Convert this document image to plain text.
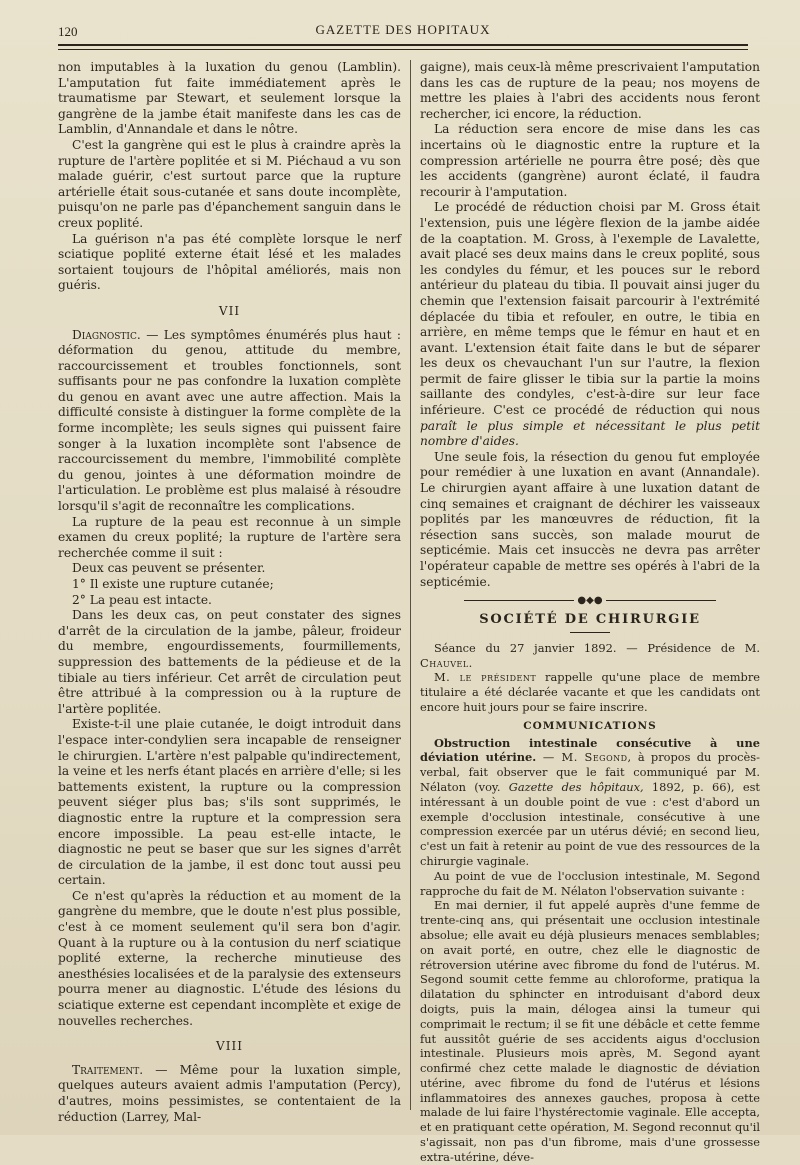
120	GAZETTE DES HOPITAUX

non imputables à la luxation du genou (Lamblin). L'amputation fut faite immédiatement après le traumatisme par Stewart, et seulement lorsque la gangrène de la jambe était manifeste dans les cas de Lamblin, d'Annandale et dans le nôtre.

C'est la gangrène qui est le plus à craindre après la rupture de l'artère poplitée et si M. Piéchaud a vu son malade guérir, c'est surtout parce que la rupture artérielle était sous-cutanée et sans doute incomplète, puisqu'on ne parle pas d'épanchement sanguin dans le creux poplité.

La guérison n'a pas été complète lorsque le nerf sciatique poplité externe était lésé et les malades sortaient toujours de l'hôpital améliorés, mais non guéris.

VII

Diagnostic. — Les symptômes énumérés plus haut : déformation du genou, attitude du membre, raccourcissement et troubles fonctionnels, sont suffisants pour ne pas confondre la luxation complète du genou en avant avec une autre affection. Mais la difficulté consiste à distinguer la forme complète de la forme incomplète; les seuls signes qui puissent faire songer à la luxation incomplète sont l'absence de raccourcissement du membre, l'immobilité complète du genou, jointes à une déformation moindre de l'articulation. Le problème est plus malaisé à résoudre lorsqu'il s'agit de reconnaître les complications.

La rupture de la peau est reconnue à un simple examen du creux poplité; la rupture de l'artère sera recherchée comme il suit :

Deux cas peuvent se présenter.

1° Il existe une rupture cutanée;

2° La peau est intacte.

Dans les deux cas, on peut constater des signes d'arrêt de la circulation de la jambe, pâleur, froideur du membre, engourdissements, fourmillements, suppression des battements de la pédieuse et de la tibiale au tiers inférieur. Cet arrêt de circulation peut être attribué à la compression ou à la rupture de l'artère poplitée.

Existe-t-il une plaie cutanée, le doigt introduit dans l'espace inter-condylien sera incapable de renseigner le chirurgien. L'artère n'est palpable qu'indirectement, la veine et les nerfs étant placés en arrière d'elle; si les battements existent, la rupture ou la compression peuvent siéger plus bas; s'ils sont supprimés, le diagnostic entre la rupture et la compression sera encore impossible. La peau est-elle intacte, le diagnostic ne peut se baser que sur les signes d'arrêt de circulation de la jambe, il est donc tout aussi peu certain.

Ce n'est qu'après la réduction et au moment de la gangrène du membre, que le doute n'est plus possible, c'est à ce moment seulement qu'il sera bon d'agir. Quant à la rupture ou à la contusion du nerf sciatique poplité externe, la recherche minutieuse des anesthésies localisées et de la paralysie des extenseurs pourra mener au diagnostic. L'étude des lésions du sciatique externe est cependant incomplète et exige de nouvelles recherches.

VIII

Traitement. — Même pour la luxation simple, quelques auteurs avaient admis l'amputation (Percy), d'autres, moins pessimistes, se contentaient de la réduction (Larrey, Mal-

gaigne), mais ceux-là même prescrivaient l'amputation dans les cas de rupture de la peau; nos moyens de mettre les plaies à l'abri des accidents nous feront rechercher, ici encore, la réduction.

La réduction sera encore de mise dans les cas incertains où le diagnostic entre la rupture et la compression artérielle ne pourra être posé; dès que les accidents (gangrène) auront éclaté, il faudra recourir à l'amputation.

Le procédé de réduction choisi par M. Gross était l'extension, puis une légère flexion de la jambe aidée de la coaptation. M. Gross, à l'exemple de Lavalette, avait placé ses deux mains dans le creux poplité, sous les condyles du fémur, et les pouces sur le rebord antérieur du plateau du tibia. Il pouvait ainsi juger du chemin que l'extension faisait parcourir à l'extrémité déplacée du tibia et refouler, en outre, le tibia en arrière, en même temps que le fémur en haut et en avant. L'extension était faite dans le but de séparer les deux os chevauchant l'un sur l'autre, la flexion permit de faire glisser le tibia sur la partie la moins saillante des condyles, c'est-à-dire sur leur face inférieure. C'est ce procédé de réduction qui nous paraît le plus simple et nécessitant le plus petit nombre d'aides.

Une seule fois, la résection du genou fut employée pour remédier à une luxation en avant (Annandale). Le chirurgien ayant affaire à une luxation datant de cinq semaines et craignant de déchirer les vaisseaux poplités par les manœuvres de réduction, fit la résection sans succès, son malade mourut de septicémie. Mais cet insuccès ne devra pas arrêter l'opérateur capable de mettre ses opérés à l'abri de la septicémie.

●◆●
SOCIÉTÉ DE CHIRURGIE

Séance du 27 janvier 1892. — Présidence de M. Chauvel.

M. le président rappelle qu'une place de membre titulaire a été déclarée vacante et que les candidats ont encore huit jours pour se faire inscrire.

COMMUNICATIONS

Obstruction intestinale consécutive à une déviation utérine. — M. Segond, à propos du procès-verbal, fait observer que le fait communiqué par M. Nélaton (voy. Gazette des hôpitaux, 1892, p. 66), est intéressant à un double point de vue : c'est d'abord un exemple d'occlusion intestinale, consécutive à une compression exercée par un utérus dévié; en second lieu, c'est un fait à retenir au point de vue des ressources de la chirurgie vaginale.

Au point de vue de l'occlusion intestinale, M. Segond rapproche du fait de M. Nélaton l'observation suivante :

En mai dernier, il fut appelé auprès d'une femme de trente-cinq ans, qui présentait une occlusion intestinale absolue; elle avait eu déjà plusieurs menaces semblables; on avait porté, en outre, chez elle le diagnostic de rétroversion utérine avec fibrome du fond de l'utérus. M. Segond soumit cette femme au chloroforme, pratiqua la dilatation du sphincter en introduisant d'abord deux doigts, puis la main, délogea ainsi la tumeur qui comprimait le rectum; il se fit une débâcle et cette femme fut aussitôt guérie de ses accidents aigus d'occlusion intestinale. Plusieurs mois après, M. Segond ayant confirmé chez cette malade le diagnostic de déviation utérine, avec fibrome du fond de l'utérus et lésions inflammatoires des annexes gauches, proposa à cette malade de lui faire l'hystérectomie vaginale. Elle accepta, et en pratiquant cette opération, M. Segond reconnut qu'il s'agissait, non pas d'un fibrome, mais d'une grossesse extra-utérine, déve-
